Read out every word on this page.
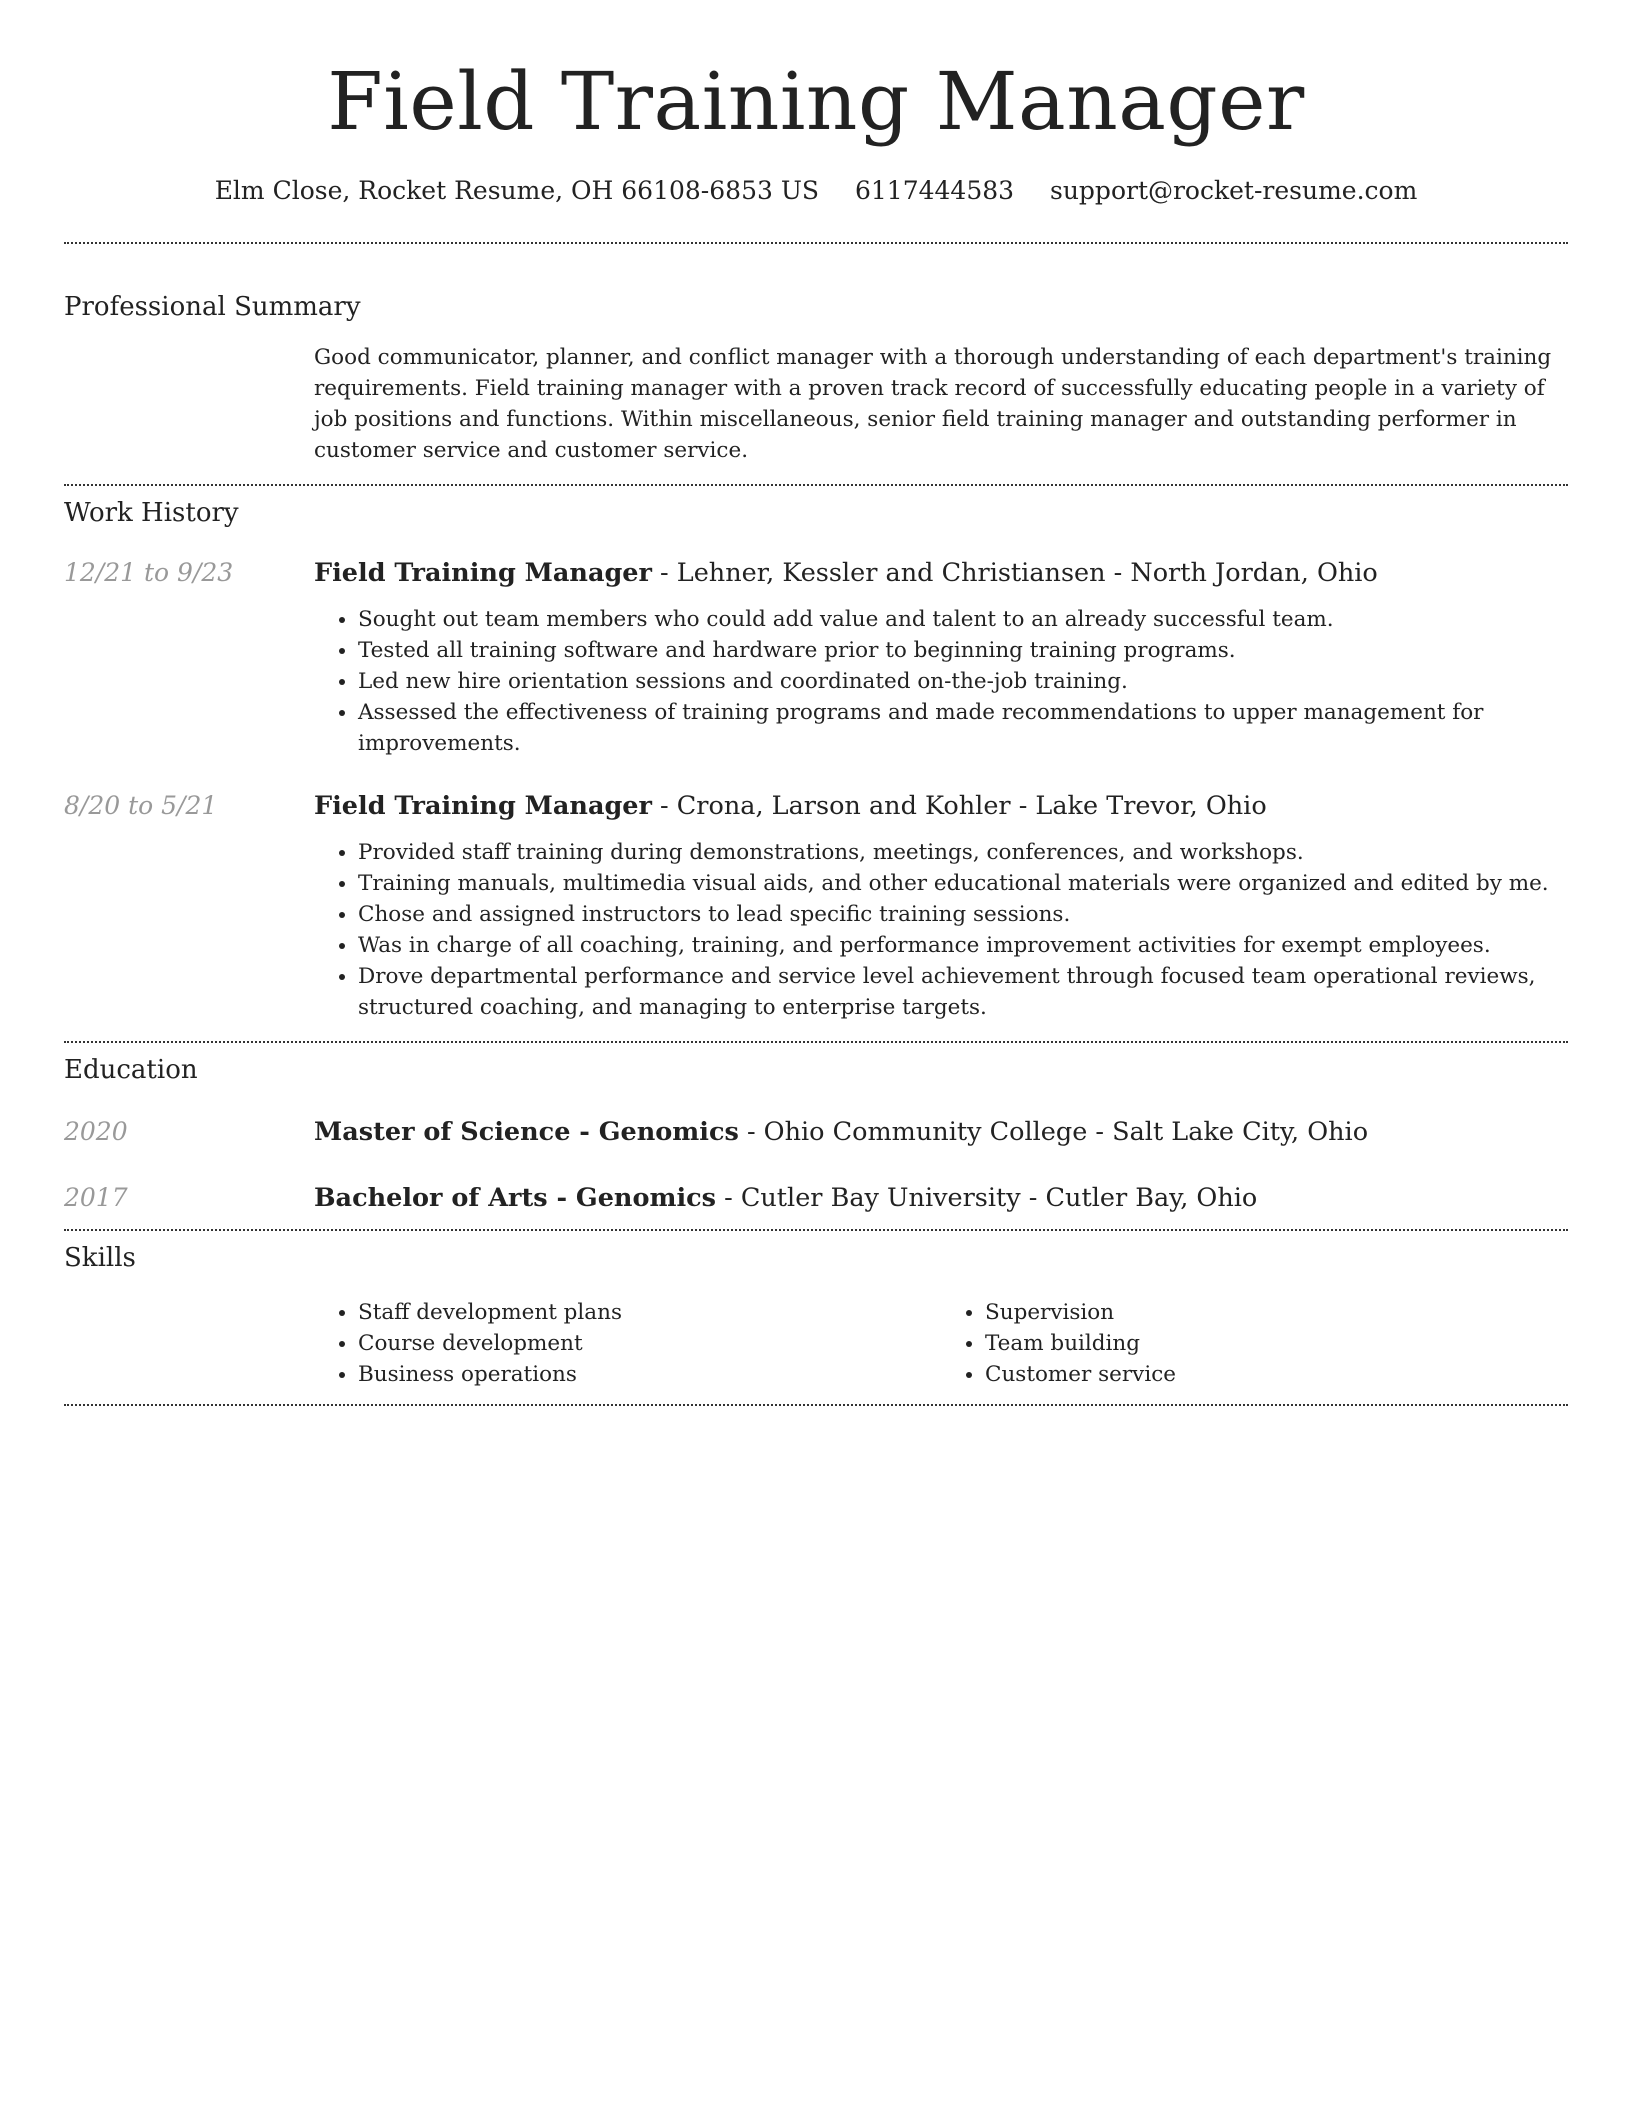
Field Training Manager
Elm Close, Rocket Resume, OH 66108-6853 US 6117444583 support@rocket-resume.com
Professional Summary

Good communicator, planner, and conflict manager with a thorough understanding of each department's training requirements. Field training manager with a proven track record of successfully educating people in a variety of job positions and functions. Within miscellaneous, senior field training manager and outstanding performer in customer service and customer service.

Work History
12/21 to 9/23	Field Training Manager - Lehner, Kessler and Christiansen - North Jordan, Ohio
• Sought out team members who could add value and talent to an already successful team.
• Tested all training software and hardware prior to beginning training programs.
• Led new hire orientation sessions and coordinated on-the-job training.
• Assessed the effectiveness of training programs and made recommendations to upper management for improvements.
8/20 to 5/21	Field Training Manager - Crona, Larson and Kohler - Lake Trevor, Ohio
• Provided staff training during demonstrations, meetings, conferences, and workshops.
• Training manuals, multimedia visual aids, and other educational materials were organized and edited by me.
• Chose and assigned instructors to lead specific training sessions.
• Was in charge of all coaching, training, and performance improvement activities for exempt employees.
• Drove departmental performance and service level achievement through focused team operational reviews, structured coaching, and managing to enterprise targets.
Education
2020	Master of Science - Genomics - Ohio Community College - Salt Lake City, Ohio
2017	Bachelor of Arts - Genomics - Cutler Bay University - Cutler Bay, Ohio
Skills
• Staff development plans
• Course development
• Business operations
• Supervision
• Team building
• Customer service
